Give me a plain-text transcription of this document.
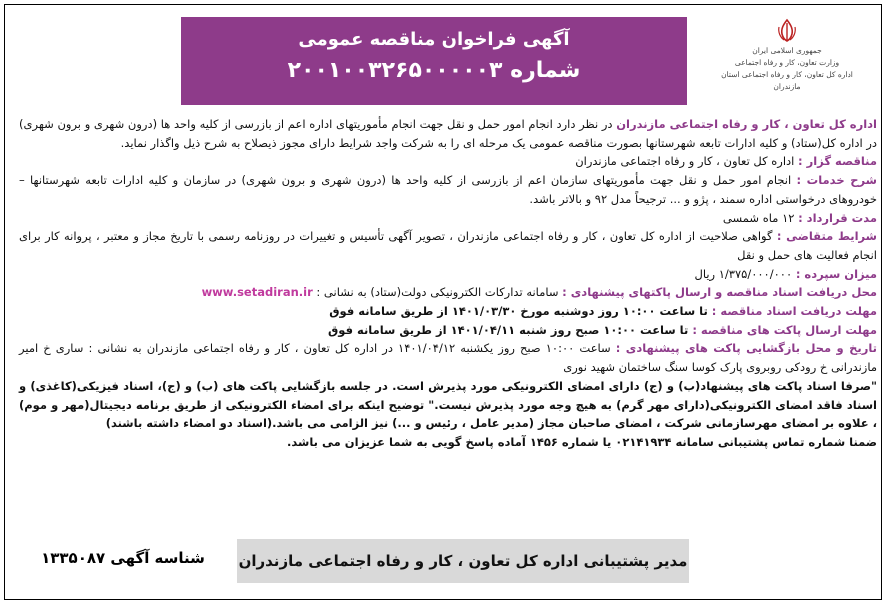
آگهی فراخوان مناقصه عمومی
شماره ۲۰۰۱۰۰۳۲۶۵۰۰۰۰۰۳
جمهوری اسلامی ایران
وزارت تعاون، کار و رفاه اجتماعی
اداره کل تعاون، کار و رفاه اجتماعی استان مازندران

اداره کل تعاون ، کار و رفاه اجتماعی مازندران در نظر دارد انجام امور حمل و نقل جهت انجام مأموریتهای اداره اعم از بازرسی از کلیه واحد ها (درون شهری و برون شهری) در اداره کل(ستاد) و کلیه ادارات تابعه شهرستانها بصورت مناقصه عمومی یک مرحله ای را به شرکت واجد شرایط دارای مجوز ذیصلاح به شرح ذیل واگذار نماید.

مناقصه گزار : اداره کل تعاون ، کار و رفاه اجتماعی مازندران

شرح خدمات : انجام امور حمل و نقل جهت مأموریتهای سازمان اعم از بازرسی از کلیه واحد ها (درون شهری و برون شهری) در سازمان و کلیه ادارات تابعه شهرستانها – خودروهای درخواستی اداره سمند ، پژو و ... ترجیحاً مدل ۹۲ و بالاتر باشد.

مدت قرارداد : ۱۲ ماه شمسی

شرایط متقاضی : گواهی صلاحیت از اداره کل تعاون ، کار و رفاه اجتماعی مازندران ، تصویر آگهی تأسیس و تغییرات در روزنامه رسمی با تاریخ مجاز و معتبر ، پروانه کار برای انجام فعالیت های حمل و نقل

میزان سپرده : ۱/۳۷۵/۰۰۰/۰۰۰ ریال

محل دریافت اسناد مناقصه و ارسال پاکتهای پیشنهادی : سامانه تدارکات الکترونیکی دولت(ستاد) به نشانی : www.setadiran.ir

مهلت دریافت اسناد مناقصه : تا ساعت ۱۰:۰۰ روز دوشنبه مورخ ۱۴۰۱/۰۳/۳۰ از طریق سامانه فوق

مهلت ارسال پاکت های مناقصه : تا ساعت ۱۰:۰۰ صبح روز شنبه ۱۴۰۱/۰۴/۱۱ از طریق سامانه فوق

تاریخ و محل بازگشایی پاکت های پیشنهادی : ساعت ۱۰:۰۰ صبح روز یکشنبه ۱۴۰۱/۰۴/۱۲ در اداره کل تعاون ، کار و رفاه اجتماعی مازندران به نشانی : ساری خ امیر مازندرانی خ رودکی روبروی پارک کوسا سنگ ساختمان شهید نوری

"صرفا اسناد پاکت های پیشنهاد(ب) و (ج) دارای امضای الکترونیکی مورد پذیرش است. در جلسه بازگشایی پاکت های (ب) و (ج)، اسناد فیزیکی(کاغذی) و اسناد فاقد امضای الکترونیکی(دارای مهر گرم) به هیچ وجه مورد پذیرش نیست." توضیح اینکه برای امضاء الکترونیکی از طریق برنامه دیجیتال(مهر و موم) ، علاوه بر امضای مهرسازمانی شرکت ، امضای صاحبان مجاز (مدیر عامل ، رئیس و ...) نیز الزامی می باشد.(اسناد دو امضاء داشته باشند)

ضمنا شماره تماس پشتیبانی سامانه ۰۲۱۴۱۹۳۴ یا شماره ۱۴۵۶ آماده پاسخ گویی به شما عزیزان می باشد.

شناسه آگهی ۱۳۳۵۰۸۷	مدیر پشتیبانی اداره کل تعاون ، کار و رفاه اجتماعی مازندران
